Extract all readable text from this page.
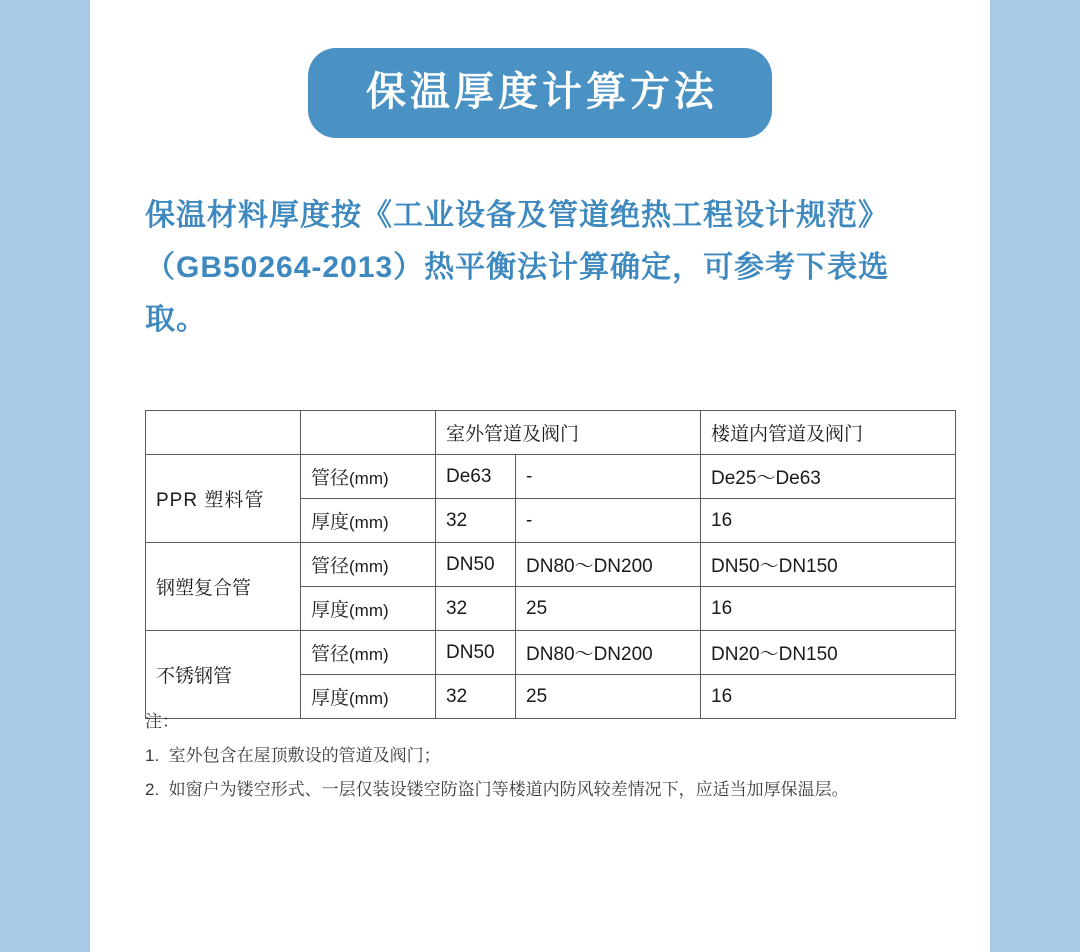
保温厚度计算方法
保温材料厚度按《工业设备及管道绝热工程设计规范》（GB50264-2013）热平衡法计算确定，可参考下表选取。
		室外管道及阀门		楼道内管道及阀门
PPR 塑料管	管径(mm)	De63	-	De25～De63
	厚度(mm)	32	-	16
钢塑复合管	管径(mm)	DN50	DN80～DN200	DN50～DN150
	厚度(mm)	32	25	16
不锈钢管	管径(mm)	DN50	DN80～DN200	DN20～DN150
	厚度(mm)	32	25	16
注：
1.  室外包含在屋顶敷设的管道及阀门；
2.  如窗户为镂空形式、一层仅装设镂空防盗门等楼道内防风较差情况下，应适当加厚保温层。
